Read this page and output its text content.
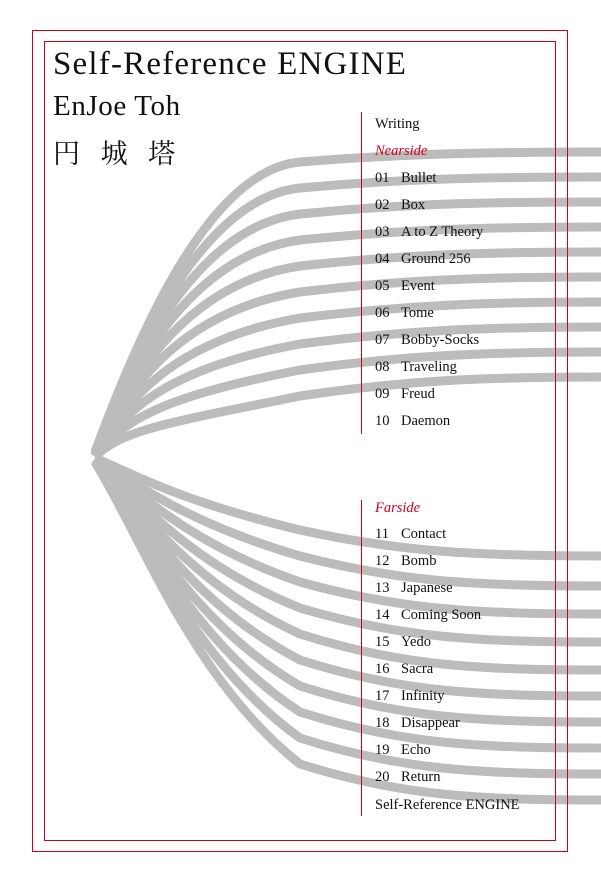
Self-Reference ENGINE
EnJoe Toh
円 城 塔
Writing
Nearside
01 Bullet
02 Box
03 A to Z Theory
04 Ground 256
05 Event
06 Tome
07 Bobby-Socks
08 Traveling
09 Freud
10 Daemon
Farside
11 Contact
12 Bomb
13 Japanese
14 Coming Soon
15 Yedo
16 Sacra
17 Infinity
18 Disappear
19 Echo
20 Return
Self-Reference ENGINE
